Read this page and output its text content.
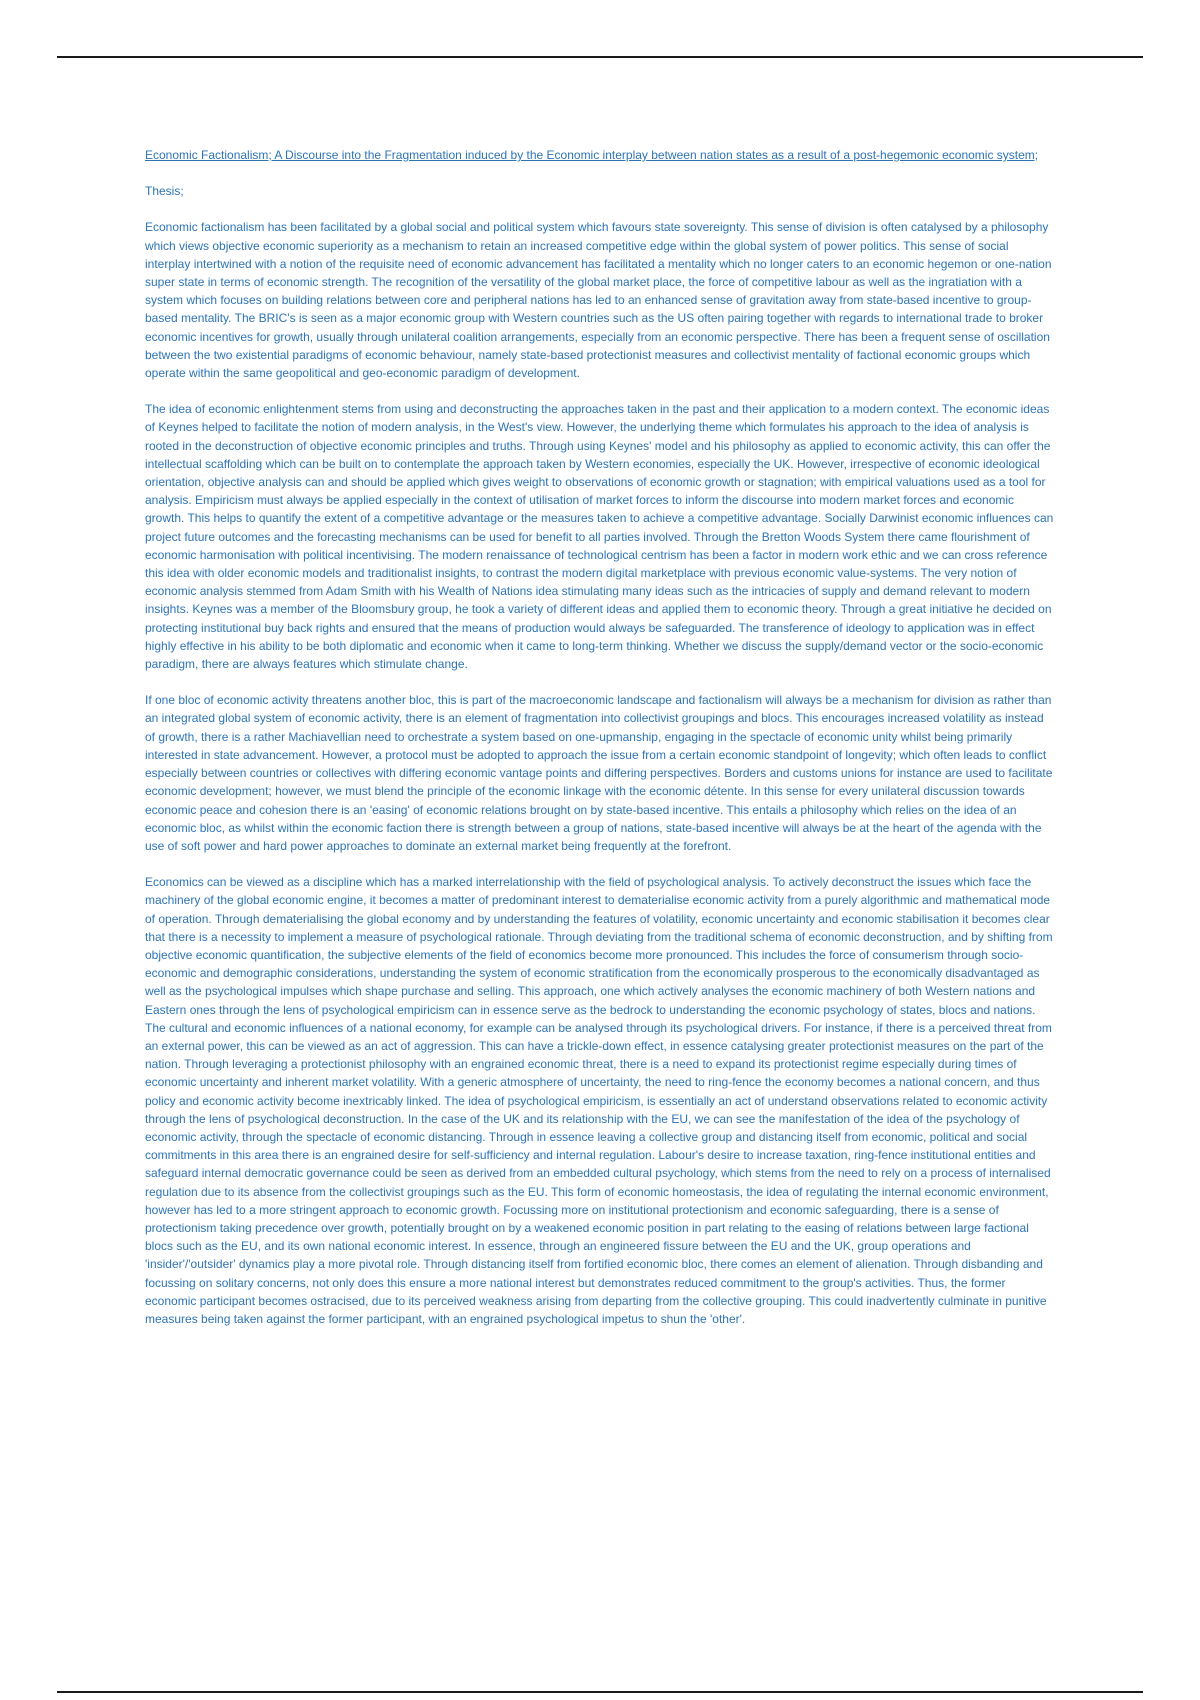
Economic Factionalism; A Discourse into the Fragmentation induced by the Economic interplay between nation states as a result of a post-hegemonic economic system;

Thesis;

Economic factionalism has been facilitated by a global social and political system which favours state sovereignty. This sense of division is often catalysed by a philosophy which views objective economic superiority as a mechanism to retain an increased competitive edge within the global system of power politics. This sense of social interplay intertwined with a notion of the requisite need of economic advancement has facilitated a mentality which no longer caters to an economic hegemon or one-nation super state in terms of economic strength. The recognition of the versatility of the global market place, the force of competitive labour as well as the ingratiation with a system which focuses on building relations between core and peripheral nations has led to an enhanced sense of gravitation away from state-based incentive to group-based mentality. The BRIC's is seen as a major economic group with Western countries such as the US often pairing together with regards to international trade to broker economic incentives for growth, usually through unilateral coalition arrangements, especially from an economic perspective. There has been a frequent sense of oscillation between the two existential paradigms of economic behaviour, namely state-based protectionist measures and collectivist mentality of factional economic groups which operate within the same geopolitical and geo-economic paradigm of development.

The idea of economic enlightenment stems from using and deconstructing the approaches taken in the past and their application to a modern context. The economic ideas of Keynes helped to facilitate the notion of modern analysis, in the West's view. However, the underlying theme which formulates his approach to the idea of analysis is rooted in the deconstruction of objective economic principles and truths. Through using Keynes' model and his philosophy as applied to economic activity, this can offer the intellectual scaffolding which can be built on to contemplate the approach taken by Western economies, especially the UK. However, irrespective of economic ideological orientation, objective analysis can and should be applied which gives weight to observations of economic growth or stagnation; with empirical valuations used as a tool for analysis. Empiricism must always be applied especially in the context of utilisation of market forces to inform the discourse into modern market forces and economic growth. This helps to quantify the extent of a competitive advantage or the measures taken to achieve a competitive advantage. Socially Darwinist economic influences can project future outcomes and the forecasting mechanisms can be used for benefit to all parties involved. Through the Bretton Woods System there came flourishment of economic harmonisation with political incentivising. The modern renaissance of technological centrism has been a factor in modern work ethic and we can cross reference this idea with older economic models and traditionalist insights, to contrast the modern digital marketplace with previous economic value-systems. The very notion of economic analysis stemmed from Adam Smith with his Wealth of Nations idea stimulating many ideas such as the intricacies of supply and demand relevant to modern insights. Keynes was a member of the Bloomsbury group, he took a variety of different ideas and applied them to economic theory. Through a great initiative he decided on protecting institutional buy back rights and ensured that the means of production would always be safeguarded. The transference of ideology to application was in effect highly effective in his ability to be both diplomatic and economic when it came to long-term thinking. Whether we discuss the supply/demand vector or the socio-economic paradigm, there are always features which stimulate change.

If one bloc of economic activity threatens another bloc, this is part of the macroeconomic landscape and factionalism will always be a mechanism for division as rather than an integrated global system of economic activity, there is an element of fragmentation into collectivist groupings and blocs. This encourages increased volatility as instead of growth, there is a rather Machiavellian need to orchestrate a system based on one-upmanship, engaging in the spectacle of economic unity whilst being primarily interested in state advancement. However, a protocol must be adopted to approach the issue from a certain economic standpoint of longevity; which often leads to conflict especially between countries or collectives with differing economic vantage points and differing perspectives. Borders and customs unions for instance are used to facilitate economic development; however, we must blend the principle of the economic linkage with the economic détente. In this sense for every unilateral discussion towards economic peace and cohesion there is an 'easing' of economic relations brought on by state-based incentive. This entails a philosophy which relies on the idea of an economic bloc, as whilst within the economic faction there is strength between a group of nations, state-based incentive will always be at the heart of the agenda with the use of soft power and hard power approaches to dominate an external market being frequently at the forefront.

Economics can be viewed as a discipline which has a marked interrelationship with the field of psychological analysis. To actively deconstruct the issues which face the machinery of the global economic engine, it becomes a matter of predominant interest to dematerialise economic activity from a purely algorithmic and mathematical mode of operation. Through dematerialising the global economy and by understanding the features of volatility, economic uncertainty and economic stabilisation it becomes clear that there is a necessity to implement a measure of psychological rationale. Through deviating from the traditional schema of economic deconstruction, and by shifting from objective economic quantification, the subjective elements of the field of economics become more pronounced. This includes the force of consumerism through socio-economic and demographic considerations, understanding the system of economic stratification from the economically prosperous to the economically disadvantaged as well as the psychological impulses which shape purchase and selling. This approach, one which actively analyses the economic machinery of both Western nations and Eastern ones through the lens of psychological empiricism can in essence serve as the bedrock to understanding the economic psychology of states, blocs and nations. The cultural and economic influences of a national economy, for example can be analysed through its psychological drivers. For instance, if there is a perceived threat from an external power, this can be viewed as an act of aggression. This can have a trickle-down effect, in essence catalysing greater protectionist measures on the part of the nation. Through leveraging a protectionist philosophy with an engrained economic threat, there is a need to expand its protectionist regime especially during times of economic uncertainty and inherent market volatility. With a generic atmosphere of uncertainty, the need to ring-fence the economy becomes a national concern, and thus policy and economic activity become inextricably linked. The idea of psychological empiricism, is essentially an act of understand observations related to economic activity through the lens of psychological deconstruction. In the case of the UK and its relationship with the EU, we can see the manifestation of the idea of the psychology of economic activity, through the spectacle of economic distancing. Through in essence leaving a collective group and distancing itself from economic, political and social commitments in this area there is an engrained desire for self-sufficiency and internal regulation. Labour's desire to increase taxation, ring-fence institutional entities and safeguard internal democratic governance could be seen as derived from an embedded cultural psychology, which stems from the need to rely on a process of internalised regulation due to its absence from the collectivist groupings such as the EU. This form of economic homeostasis, the idea of regulating the internal economic environment, however has led to a more stringent approach to economic growth. Focussing more on institutional protectionism and economic safeguarding, there is a sense of protectionism taking precedence over growth, potentially brought on by a weakened economic position in part relating to the easing of relations between large factional blocs such as the EU, and its own national economic interest. In essence, through an engineered fissure between the EU and the UK, group operations and 'insider'/'outsider' dynamics play a more pivotal role. Through distancing itself from fortified economic bloc, there comes an element of alienation. Through disbanding and focussing on solitary concerns, not only does this ensure a more national interest but demonstrates reduced commitment to the group's activities. Thus, the former economic participant becomes ostracised, due to its perceived weakness arising from departing from the collective grouping. This could inadvertently culminate in punitive measures being taken against the former participant, with an engrained psychological impetus to shun the 'other'.
